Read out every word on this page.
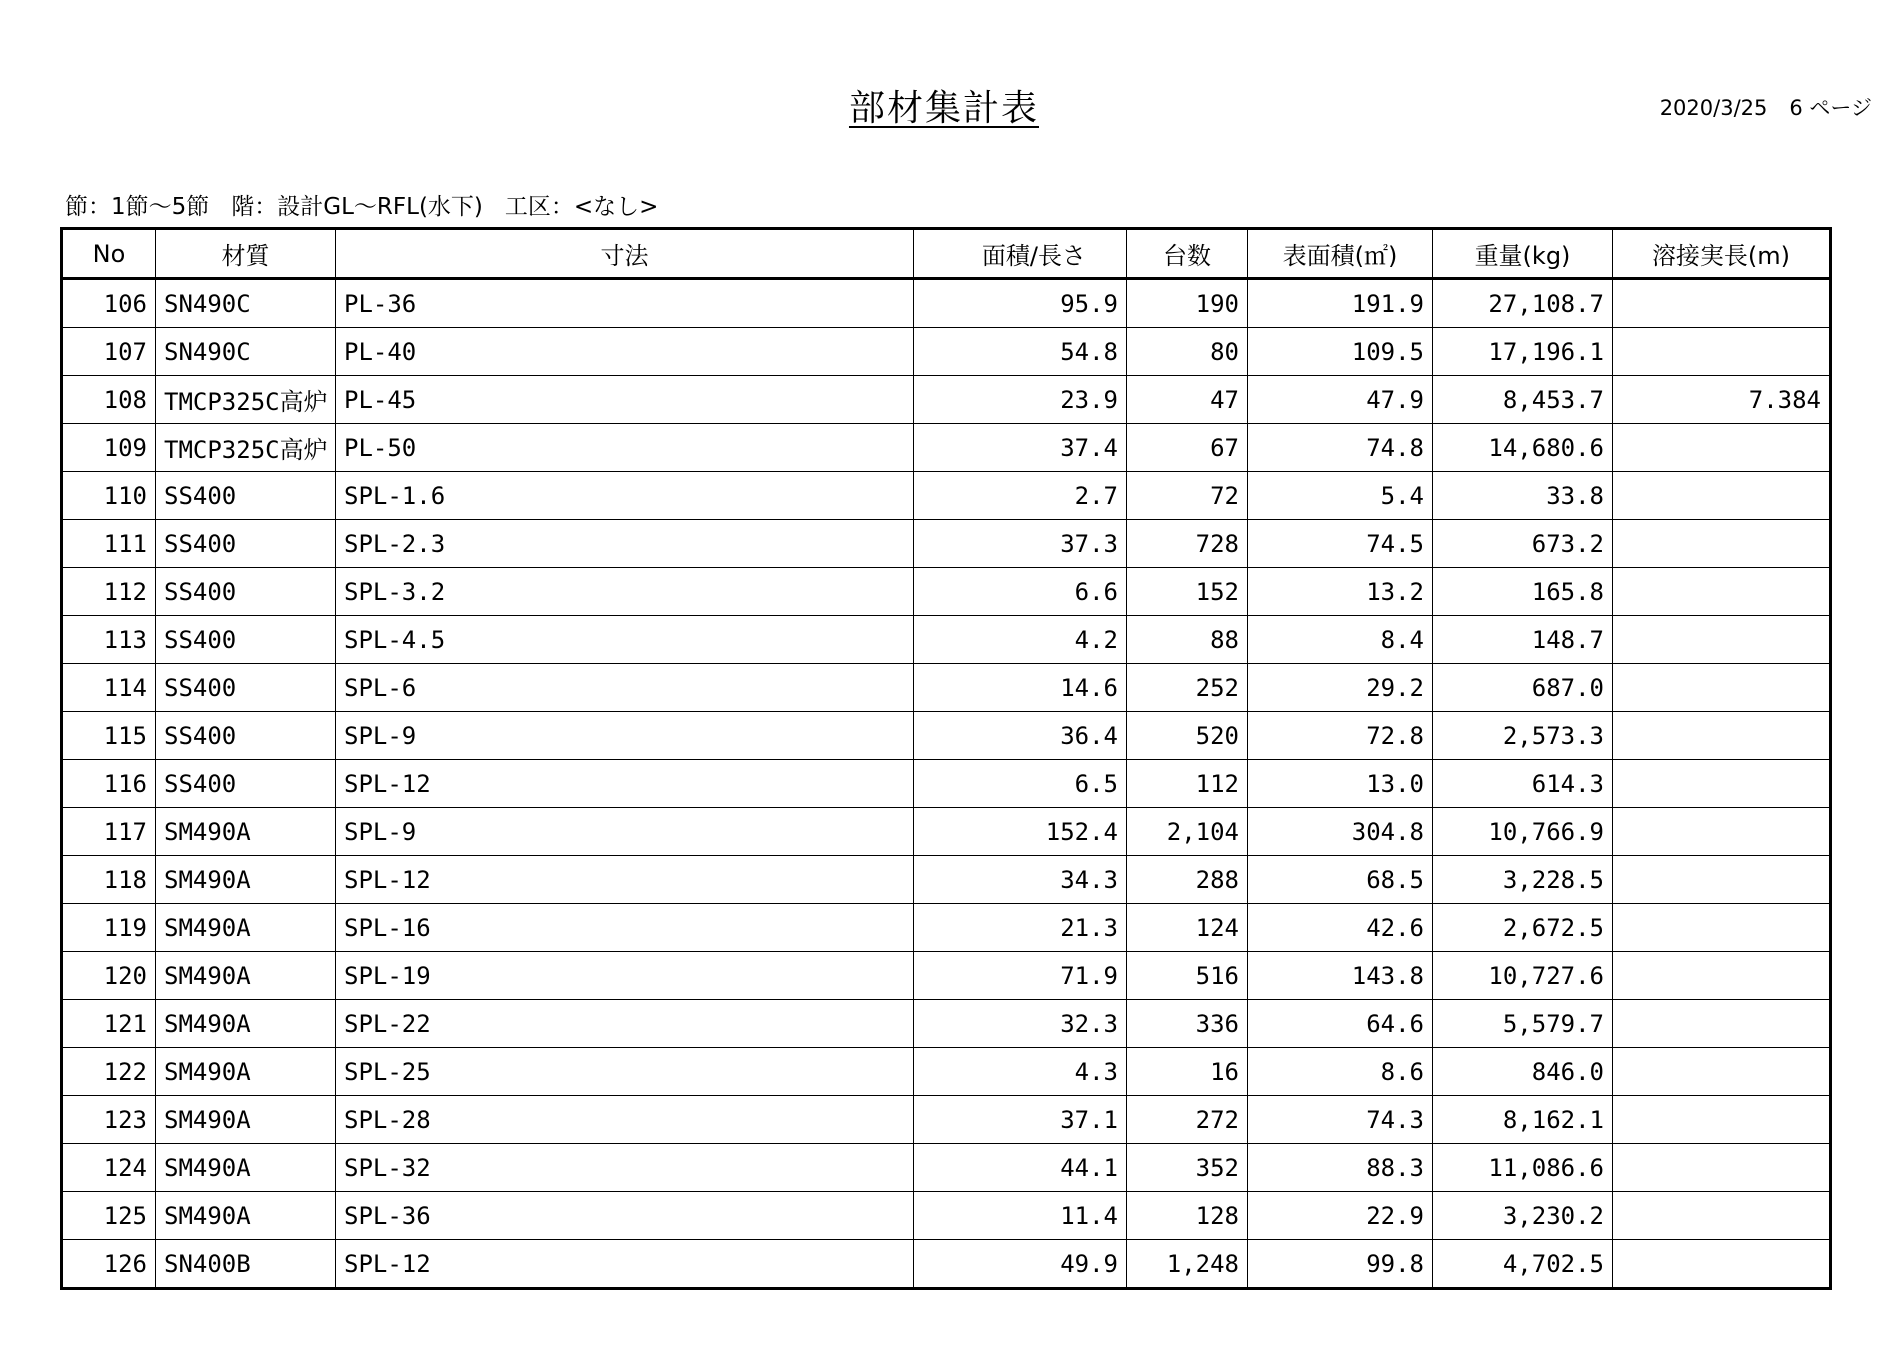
部材集計表	2020/3/25 6 ページ
節：1節～5節 階：設計GL～RFL(水下) 工区：<なし>
No	材質	寸法	面積/長さ	台数	表面積(㎡)	重量(kg)	溶接実長(m)
106	SN490C	PL-36	95.9	190	191.9	27,108.7	
107	SN490C	PL-40	54.8	80	109.5	17,196.1	
108	TMCP325C高炉	PL-45	23.9	47	47.9	8,453.7	7.384
109	TMCP325C高炉	PL-50	37.4	67	74.8	14,680.6	
110	SS400	SPL-1.6	2.7	72	5.4	33.8	
111	SS400	SPL-2.3	37.3	728	74.5	673.2	
112	SS400	SPL-3.2	6.6	152	13.2	165.8	
113	SS400	SPL-4.5	4.2	88	8.4	148.7	
114	SS400	SPL-6	14.6	252	29.2	687.0	
115	SS400	SPL-9	36.4	520	72.8	2,573.3	
116	SS400	SPL-12	6.5	112	13.0	614.3	
117	SM490A	SPL-9	152.4	2,104	304.8	10,766.9	
118	SM490A	SPL-12	34.3	288	68.5	3,228.5	
119	SM490A	SPL-16	21.3	124	42.6	2,672.5	
120	SM490A	SPL-19	71.9	516	143.8	10,727.6	
121	SM490A	SPL-22	32.3	336	64.6	5,579.7	
122	SM490A	SPL-25	4.3	16	8.6	846.0	
123	SM490A	SPL-28	37.1	272	74.3	8,162.1	
124	SM490A	SPL-32	44.1	352	88.3	11,086.6	
125	SM490A	SPL-36	11.4	128	22.9	3,230.2	
126	SN400B	SPL-12	49.9	1,248	99.8	4,702.5	
